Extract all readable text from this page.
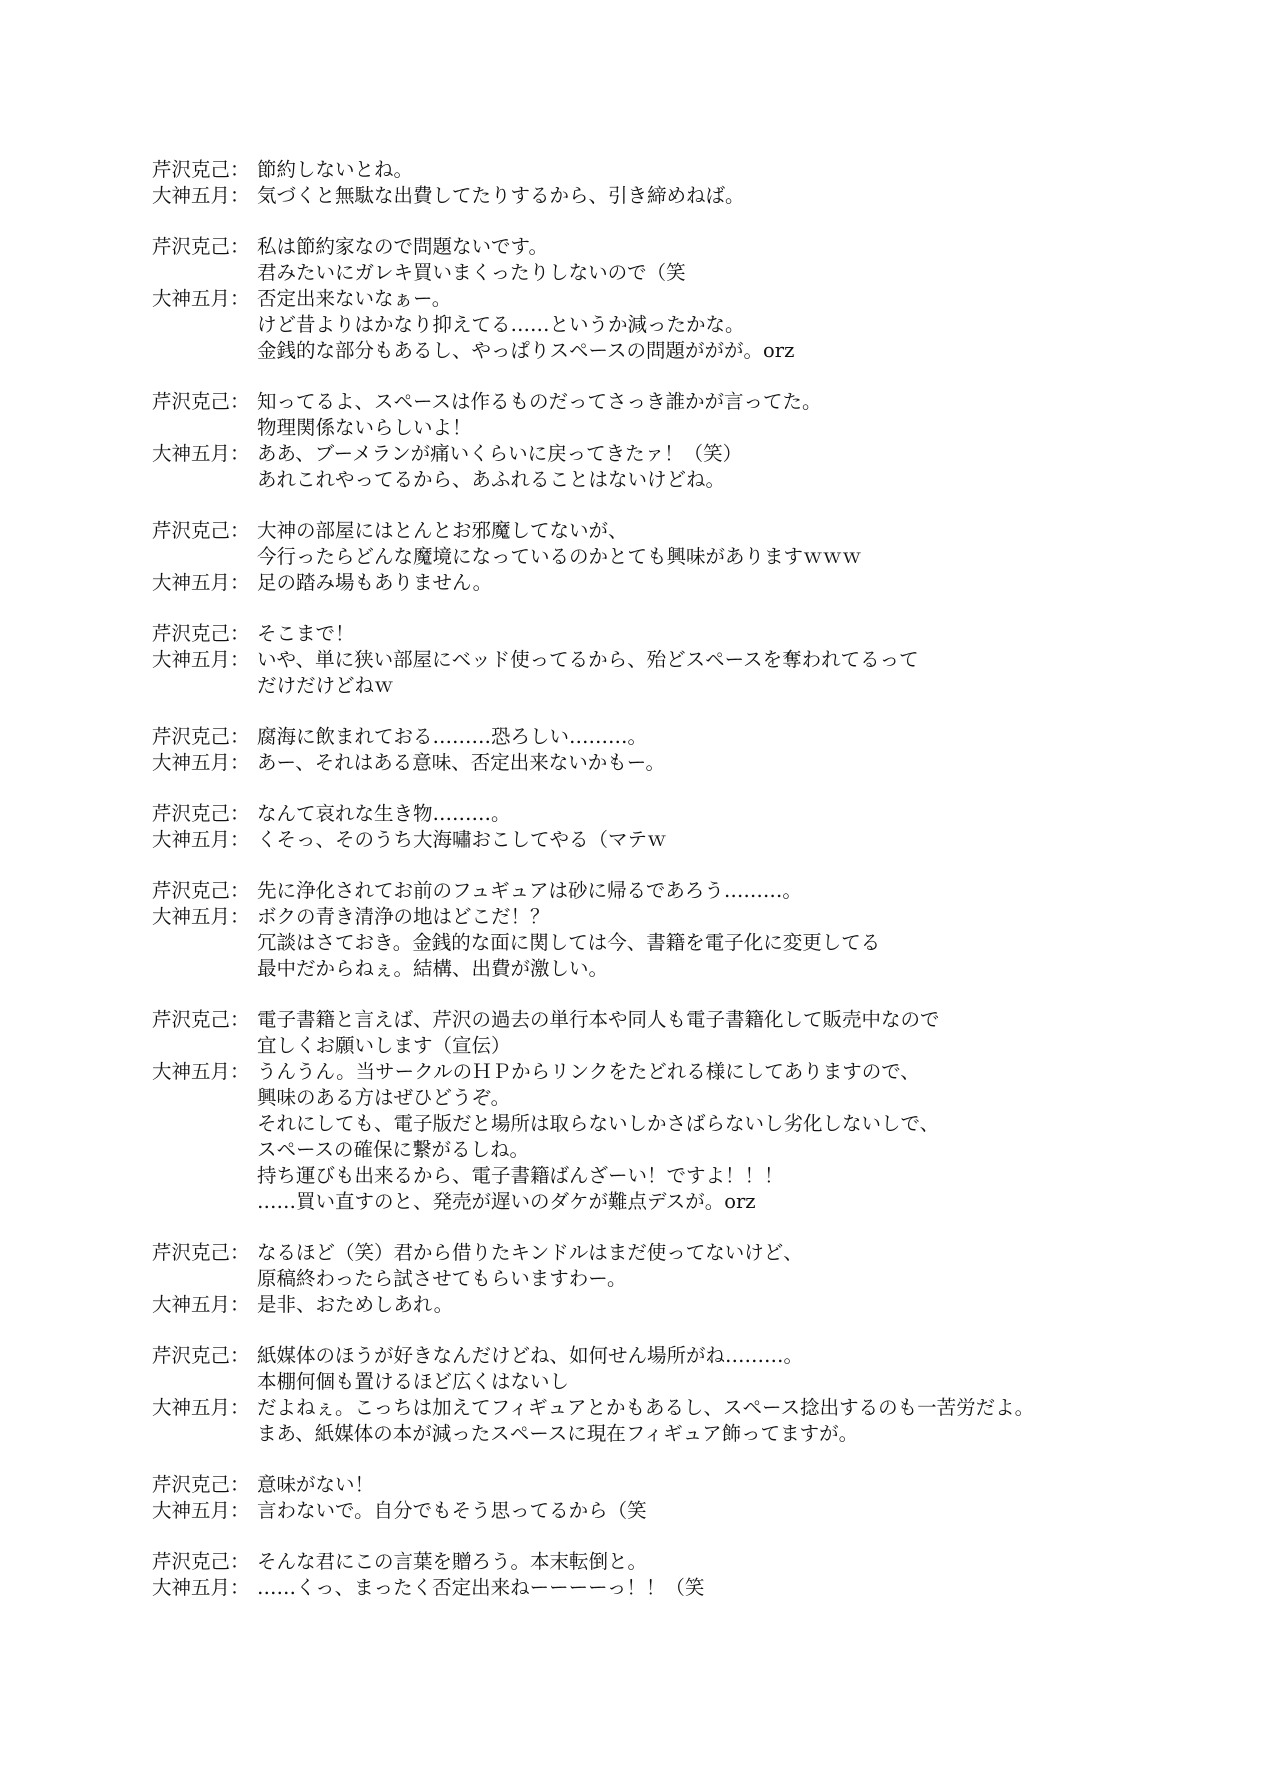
芹沢克己： 節約しないとね。
大神五月： 気づくと無駄な出費してたりするから、引き締めねば。
芹沢克己： 私は節約家なので問題ないです。
君みたいにガレキ買いまくったりしないので（笑
大神五月： 否定出来ないなぁー。
けど昔よりはかなり抑えてる……というか減ったかな。
金銭的な部分もあるし、やっぱりスペースの問題ががが。orz
芹沢克己： 知ってるよ、スペースは作るものだってさっき誰かが言ってた。
物理関係ないらしいよ！
大神五月： ああ、ブーメランが痛いくらいに戻ってきたァ！（笑）
あれこれやってるから、あふれることはないけどね。
芹沢克己： 大神の部屋にはとんとお邪魔してないが、
今行ったらどんな魔境になっているのかとても興味がありますｗｗｗ
大神五月： 足の踏み場もありません。
芹沢克己： そこまで！
大神五月： いや、単に狭い部屋にベッド使ってるから、殆どスペースを奪われてるって
だけだけどねｗ
芹沢克己： 腐海に飲まれておる………恐ろしい………。
大神五月： あー、それはある意味、否定出来ないかもー。
芹沢克己： なんて哀れな生き物………。
大神五月： くそっ、そのうち大海嘯おこしてやる（マテｗ
芹沢克己： 先に浄化されてお前のフュギュアは砂に帰るであろう………。
大神五月： ボクの青き清浄の地はどこだ！？
冗談はさておき。金銭的な面に関しては今、書籍を電子化に変更してる
最中だからねぇ。結構、出費が激しい。
芹沢克己： 電子書籍と言えば、芹沢の過去の単行本や同人も電子書籍化して販売中なので
宜しくお願いします（宣伝）
大神五月： うんうん。当サークルのＨＰからリンクをたどれる様にしてありますので、
興味のある方はぜひどうぞ。
それにしても、電子版だと場所は取らないしかさばらないし劣化しないしで、
スペースの確保に繋がるしね。
持ち運びも出来るから、電子書籍ばんざーい！ですよ！！！
……買い直すのと、発売が遅いのダケが難点デスが。orz
芹沢克己： なるほど（笑）君から借りたキンドルはまだ使ってないけど、
原稿終わったら試させてもらいますわー。
大神五月： 是非、おためしあれ。
芹沢克己： 紙媒体のほうが好きなんだけどね、如何せん場所がね………。
本棚何個も置けるほど広くはないし
大神五月： だよねぇ。こっちは加えてフィギュアとかもあるし、スペース捻出するのも一苦労だよ。
まあ、紙媒体の本が減ったスペースに現在フィギュア飾ってますが。
芹沢克己： 意味がない！
大神五月： 言わないで。自分でもそう思ってるから（笑
芹沢克己： そんな君にこの言葉を贈ろう。本末転倒と。
大神五月： ……くっ、まったく否定出来ねーーーーっ！！（笑
